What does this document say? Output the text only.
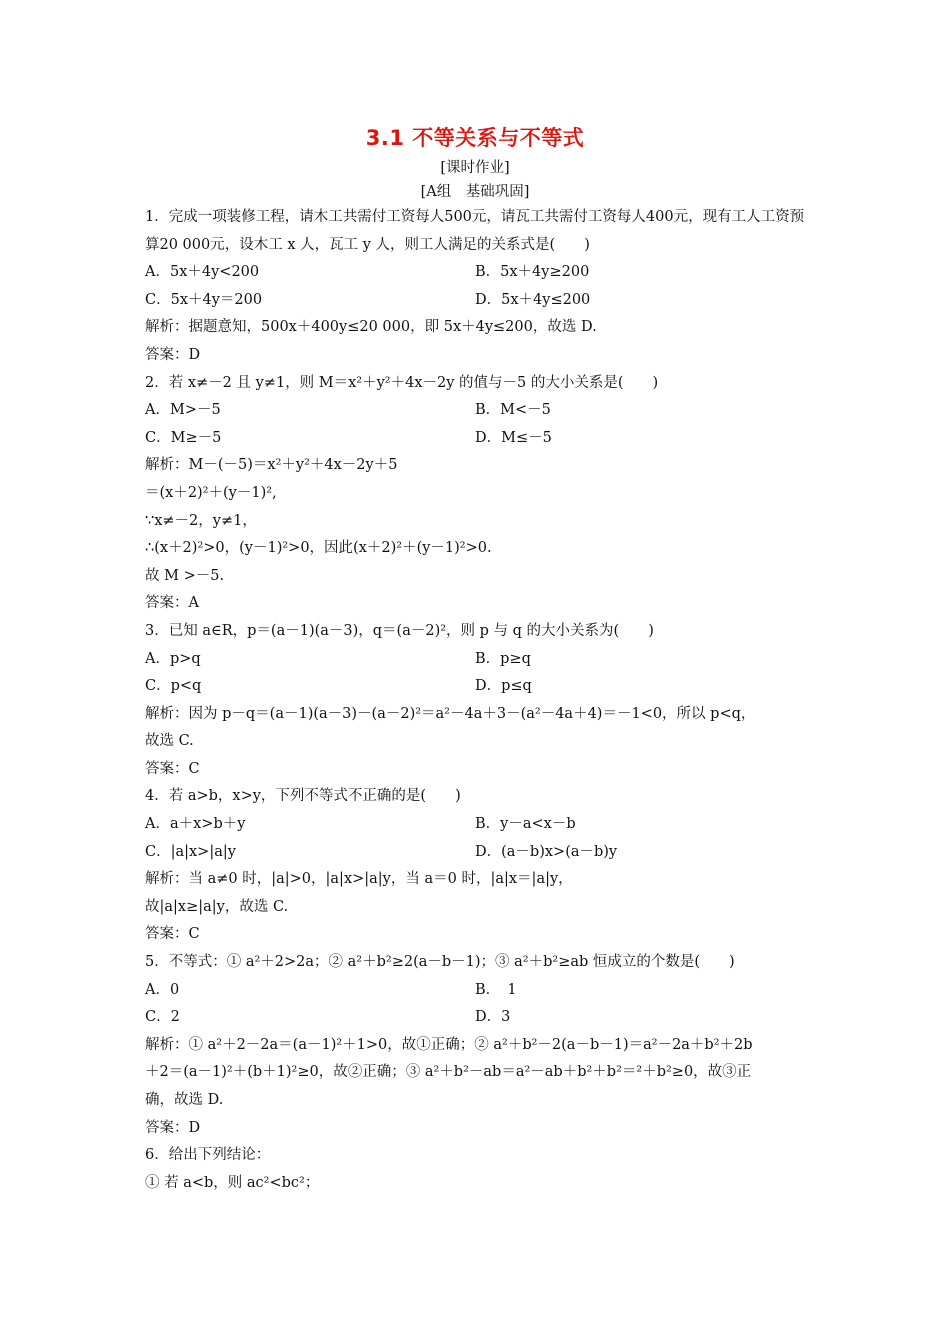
3.1 不等关系与不等式
[课时作业]
[A组　基础巩固]
1．完成一项装修工程，请木工共需付工资每人500元，请瓦工共需付工资每人400元，现有工人工资预算20 000元，设木工 x 人，瓦工 y 人，则工人满足的关系式是(　　)
A．5x＋4y<200	B．5x＋4y≥200
C．5x＋4y＝200	D．5x＋4y≤200
解析：据题意知，500x＋400y≤20 000，即 5x＋4y≤200，故选 D.
答案：D
2．若 x≠－2 且 y≠1，则 M＝x²＋y²＋4x－2y 的值与－5 的大小关系是(　　)
A．M>－5	B．M<－5
C．M≥－5	D．M≤－5
解析：M－(－5)＝x²＋y²＋4x－2y＋5
＝(x＋2)²＋(y－1)²,
∵x≠－2，y≠1，
∴(x＋2)²>0，(y－1)²>0，因此(x＋2)²＋(y－1)²>0.
故 M >－5.
答案：A
3．已知 a∈R，p＝(a－1)(a－3)，q＝(a－2)²，则 p 与 q 的大小关系为(　　)
A．p>q	B．p≥q
C．p<q	D．p≤q
解析：因为 p－q＝(a－1)(a－3)－(a－2)²＝a²－4a＋3－(a²－4a＋4)＝－1<0，所以 p<q，
故选 C.
答案：C
4．若 a>b，x>y，下列不等式不正确的是(　　)
A．a＋x>b＋y	B．y－a<x－b
C．|a|x>|a|y	D．(a－b)x>(a－b)y
解析：当 a≠0 时，|a|>0，|a|x>|a|y，当 a＝0 时，|a|x＝|a|y，
故|a|x≥|a|y，故选 C.
答案：C
5．不等式：① a²＋2>2a；② a²＋b²≥2(a－b－1)；③ a²＋b²≥ab 恒成立的个数是(　　)
A．0	B．　1
C．2	D．3
解析：① a²＋2－2a＝(a－1)²＋1>0，故①正确；② a²＋b²－2(a－b－1)＝a²－2a＋b²＋2b
＋2＝(a－1)²＋(b＋1)²≥0，故②正确；③ a²＋b²－ab＝a²－ab＋b²＋b²＝²＋b²≥0，故③正
确，故选 D.
答案：D
6．给出下列结论：
① 若 a<b，则 ac²<bc²；
